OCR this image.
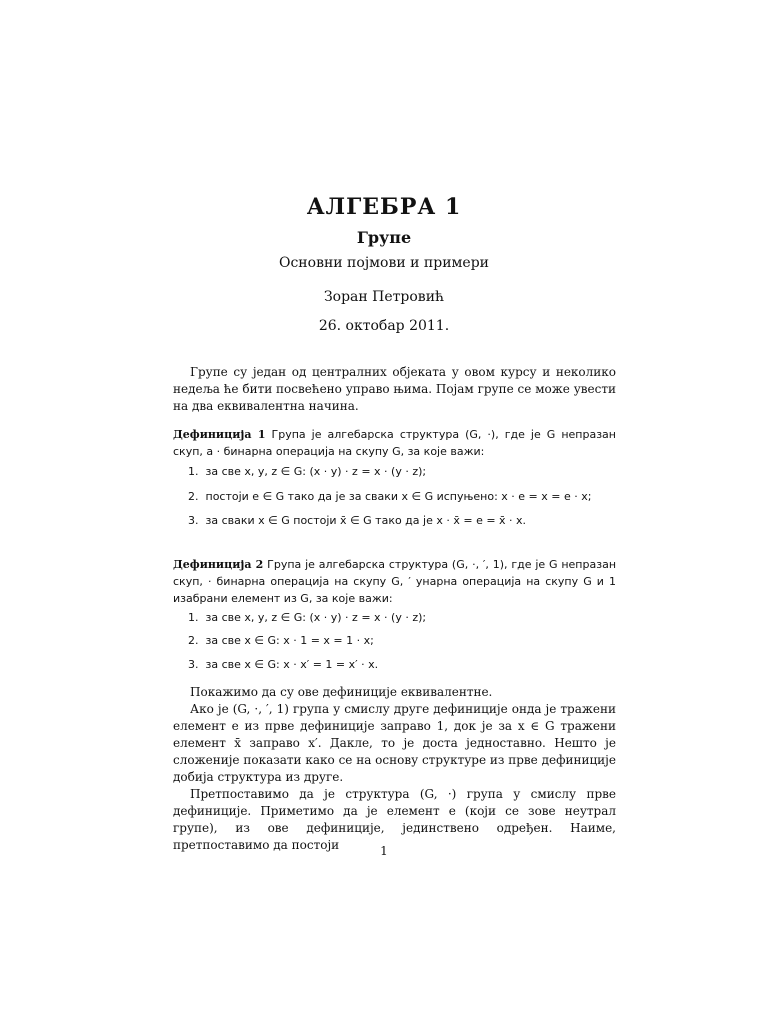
АЛГЕБРА 1
Групе
Основни појмови и примери
Зоран Петровић
26. октобар 2011.

Групе су један од централних објеката у овом курсу и неколико недеља ће бити посвећено управо њима. Појам групе се може увести на два еквивалентна начина.

Дефиниција 1 Група је алгебарска структура (G, ·), где је G непразан скуп, а · бинарна операција на скупу G, за које важи:

1. за све x, y, z ∈ G: (x · y) · z = x · (y · z);
2. постоји e ∈ G тако да је за сваки x ∈ G испуњено: x · e = x = e · x;
3. за сваки x ∈ G постоји x̄ ∈ G тако да је x · x̄ = e = x̄ · x.

Дефиниција 2 Група је алгебарска структура (G, ·, ′, 1), где је G непразан скуп, · бинарна операција на скупу G, ′ унарна операција на скупу G и 1 изабрани елемент из G, за које важи:

1. за све x, y, z ∈ G: (x · y) · z = x · (y · z);
2. за све x ∈ G: x · 1 = x = 1 · x;
3. за све x ∈ G: x · x′ = 1 = x′ · x.

Покажимо да су ове дефиниције еквивалентне.

Ако је (G, ·, ′, 1) група у смислу друге дефиниције онда је тражени елемент e из прве дефиниције заправо 1, док је за x ∈ G тражени елемент x̄ заправо x′. Дакле, то је доста једноставно. Нешто је сложеније показати како се на основу структуре из прве дефиниције добија структура из друге.

Претпоставимо да је структура (G, ·) група у смислу прве дефиниције. Приметимо да је елемент e (који се зове неутрал групе), из ове дефиниције, јединствено одређен. Наиме, претпоставимо да постоји	1
